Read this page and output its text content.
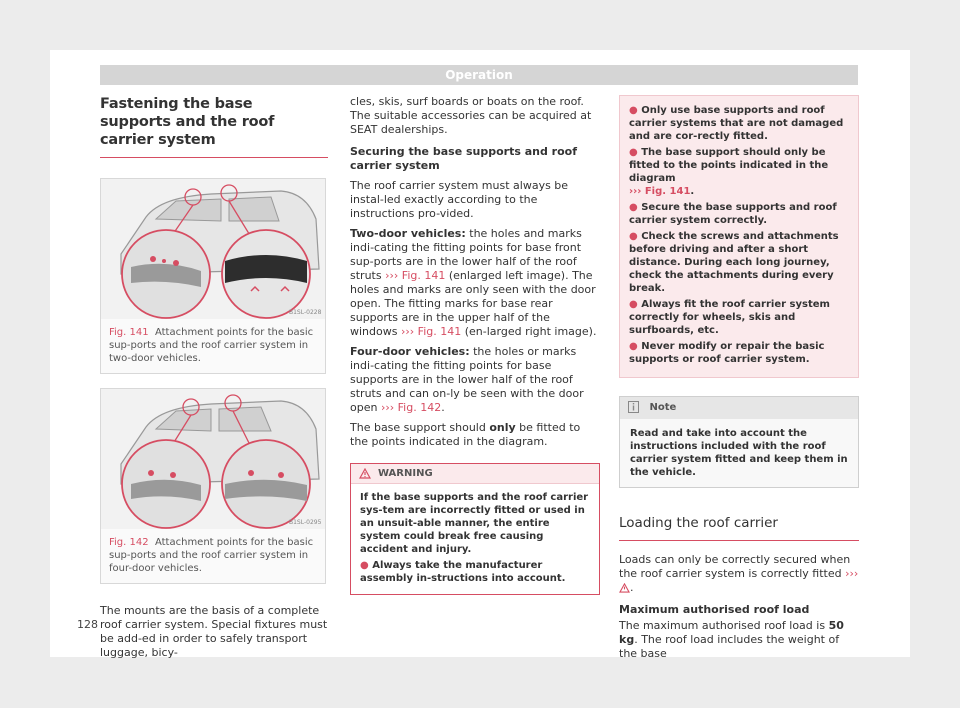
Operation
Fastening the base supports and the roof carrier system
B1SL-0228
Fig. 141 Attachment points for the basic sup-ports and the roof carrier system in two-door vehicles.
B1SL-0295
Fig. 142 Attachment points for the basic sup-ports and the roof carrier system in four-door vehicles.

The mounts are the basis of a complete roof carrier system. Special fixtures must be add-ed in order to safely transport luggage, bicy-

cles, skis, surf boards or boats on the roof. The suitable accessories can be acquired at SEAT dealerships.

Securing the base supports and roof carrier system

The roof carrier system must always be instal-led exactly according to the instructions pro-vided.

Two-door vehicles: the holes and marks indi-cating the fitting points for base front sup-ports are in the lower half of the roof struts ››› Fig. 141 (enlarged left image). The holes and marks are only seen with the door open. The fitting marks for base rear supports are in the upper half of the windows ››› Fig. 141 (en-larged right image).

Four-door vehicles: the holes or marks indi-cating the fitting points for base supports are in the lower half of the roof struts and can on-ly be seen with the door open ››› Fig. 142.

The base support should only be fitted to the points indicated in the diagram.

WARNING
If the base supports and the roof carrier sys-tem are incorrectly fitted or used in an unsuit-able manner, the entire system could break free causing accident and injury.
● Always take the manufacturer assembly in-structions into account.
● Only use base supports and roof carrier systems that are not damaged and are cor-rectly fitted.
● The base support should only be fitted to the points indicated in the diagram
››› Fig. 141.
● Secure the base supports and roof carrier system correctly.
● Check the screws and attachments before driving and after a short distance. During each long journey, check the attachments during every break.
● Always fit the roof carrier system correctly for wheels, skis and surfboards, etc.
● Never modify or repair the basic supports or roof carrier system.
Note
Read and take into account the instructions included with the roof carrier system fitted and keep them in the vehicle.
Loading the roof carrier

Loads can only be correctly secured when the roof carrier system is correctly fitted ››› .

Maximum authorised roof load

The maximum authorised roof load is 50 kg. The roof load includes the weight of the base

128
